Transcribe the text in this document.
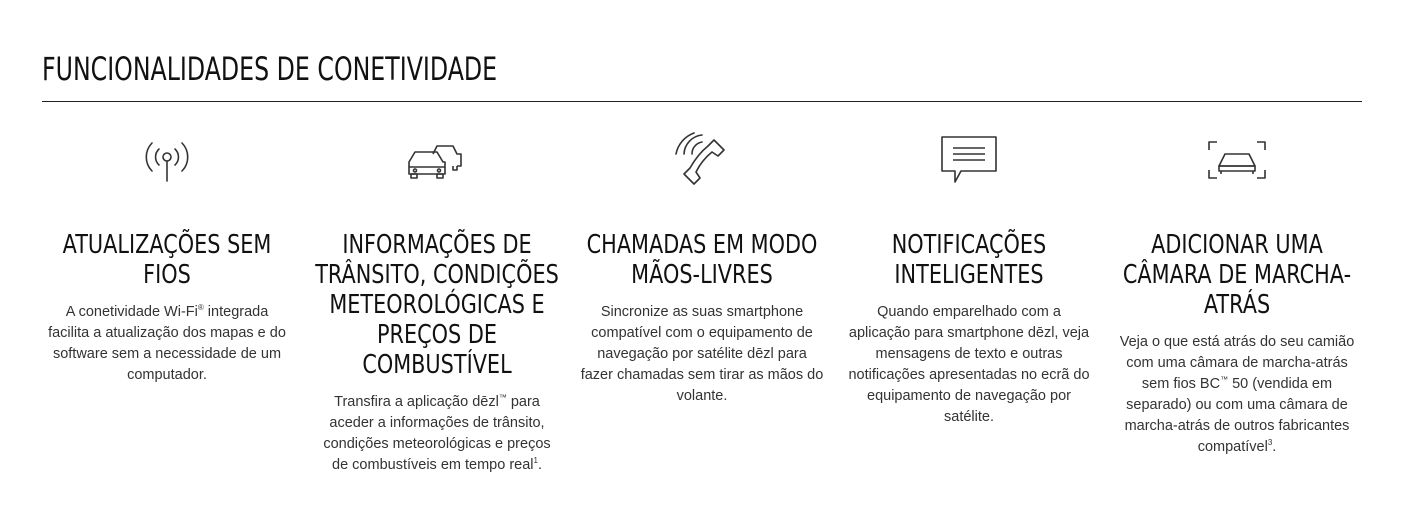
FUNCIONALIDADES DE CONETIVIDADE
ATUALIZAÇÕES SEM FIOS

A conetividade Wi-Fi® integrada facilita a atualização dos mapas e do software sem a necessidade de um computador.

INFORMAÇÕES DE TRÂNSITO, CONDIÇÕES METEOROLÓGICAS E PREÇOS DE COMBUSTÍVEL

Transfira a aplicação dēzl™ para aceder a informações de trânsito, condições meteorológicas e preços de combustíveis em tempo real$^1$.

CHAMADAS EM MODO MÃOS-LIVRES

Sincronize as suas smartphone compatível com o equipamento de navegação por satélite dēzl para fazer chamadas sem tirar as mãos do volante.

NOTIFICAÇÕES INTELIGENTES

Quando emparelhado com a aplicação para smartphone dēzl, veja mensagens de texto e outras notificações apresentadas no ecrã do equipamento de navegação por satélite.

ADICIONAR UMA CÂMARA DE MARCHA-ATRÁS

Veja o que está atrás do seu camião com uma câmara de marcha-atrás sem fios BC™ 50 (vendida em separado) ou com uma câmara de marcha-atrás de outros fabricantes compatível$^3$.
